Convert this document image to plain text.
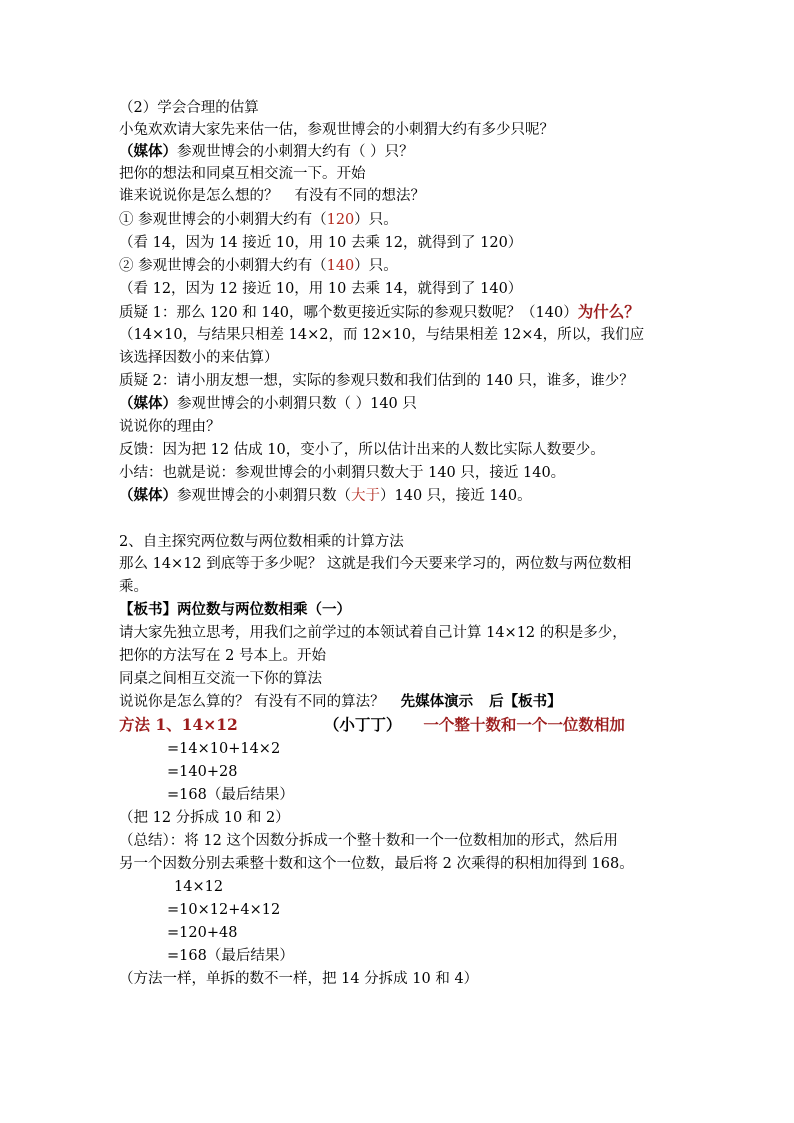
（2）学会合理的估算
小兔欢欢请大家先来估一估，参观世博会的小刺猬大约有多少只呢？
（媒体）参观世博会的小刺猬大约有（ ）只？
把你的想法和同桌互相交流一下。开始
谁来说说你是怎么想的？ 有没有不同的想法？
① 参观世博会的小刺猬大约有（120）只。
（看 14，因为 14 接近 10，用 10 去乘 12，就得到了 120）
② 参观世博会的小刺猬大约有（140）只。
（看 12，因为 12 接近 10，用 10 去乘 14，就得到了 140）
质疑 1：那么 120 和 140，哪个数更接近实际的参观只数呢？（140）为什么？
（14×10，与结果只相差 14×2，而 12×10，与结果相差 12×4，所以，我们应
该选择因数小的来估算）
质疑 2：请小朋友想一想，实际的参观只数和我们估到的 140 只，谁多，谁少？
（媒体）参观世博会的小刺猬只数（ ）140 只
说说你的理由？
反馈：因为把 12 估成 10，变小了，所以估计出来的人数比实际人数要少。
小结：也就是说：参观世博会的小刺猬只数大于 140 只，接近 140。
（媒体）参观世博会的小刺猬只数（大于）140 只，接近 140。
2、自主探究两位数与两位数相乘的计算方法
那么 14×12 到底等于多少呢？ 这就是我们今天要来学习的，两位数与两位数相
乘。
【板书】两位数与两位数相乘（一）
请大家先独立思考，用我们之前学过的本领试着自己计算 14×12 的积是多少，
把你的方法写在 2 号本上。开始
同桌之间相互交流一下你的算法
说说你是怎么算的？ 有没有不同的算法？ 先媒体演示 后【板书】
方法 1、14×12	（小丁丁） 一个整十数和一个一位数相加
=14×10+14×2
=140+28
=168（最后结果）
（把 12 分拆成 10 和 2）
（总结）：将 12 这个因数分拆成一个整十数和一个一位数相加的形式，然后用
另一个因数分别去乘整十数和这个一位数，最后将 2 次乘得的积相加得到 168。
14×12
=10×12+4×12
=120+48
=168（最后结果）
（方法一样，单拆的数不一样，把 14 分拆成 10 和 4）
